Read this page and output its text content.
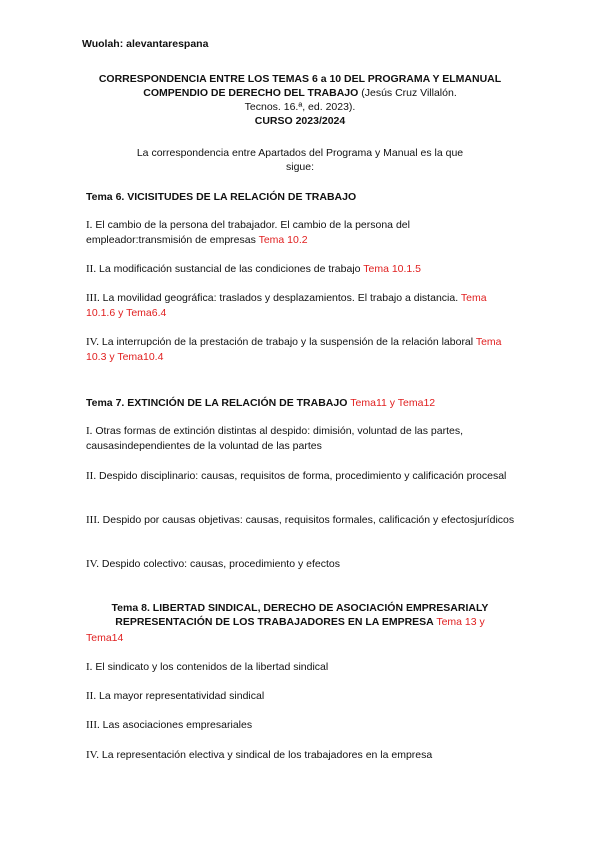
Wuolah: alevantarespana
CORRESPONDENCIA ENTRE LOS TEMAS 6 a 10 DEL PROGRAMA Y ELMANUAL
COMPENDIO DE DERECHO DEL TRABAJO (Jesús Cruz Villalón.
Tecnos. 16.ª, ed. 2023).
CURSO 2023/2024
La correspondencia entre Apartados del Programa y Manual es la que
sigue:
Tema 6. VICISITUDES DE LA RELACIÓN DE TRABAJO
I. El cambio de la persona del trabajador. El cambio de la persona del empleador:transmisión de empresas Tema 10.2
II. La modificación sustancial de las condiciones de trabajo Tema 10.1.5
III. La movilidad geográfica: traslados y desplazamientos. El trabajo a distancia. Tema 10.1.6 y Tema6.4
IV. La interrupción de la prestación de trabajo y la suspensión de la relación laboral Tema 10.3 y Tema10.4
Tema 7. EXTINCIÓN DE LA RELACIÓN DE TRABAJO Tema11 y Tema12
I. Otras formas de extinción distintas al despido: dimisión, voluntad de las partes, causasindependientes de la voluntad de las partes
II. Despido disciplinario: causas, requisitos de forma, procedimiento y calificación procesal
III. Despido por causas objetivas: causas, requisitos formales, calificación y efectosjurídicos
IV. Despido colectivo: causas, procedimiento y efectos
Tema 8. LIBERTAD SINDICAL, DERECHO DE ASOCIACIÓN EMPRESARIALY
REPRESENTACIÓN DE LOS TRABAJADORES EN LA EMPRESA Tema 13 y
Tema14
I. El sindicato y los contenidos de la libertad sindical
II. La mayor representatividad sindical
III. Las asociaciones empresariales
IV. La representación electiva y sindical de los trabajadores en la empresa
